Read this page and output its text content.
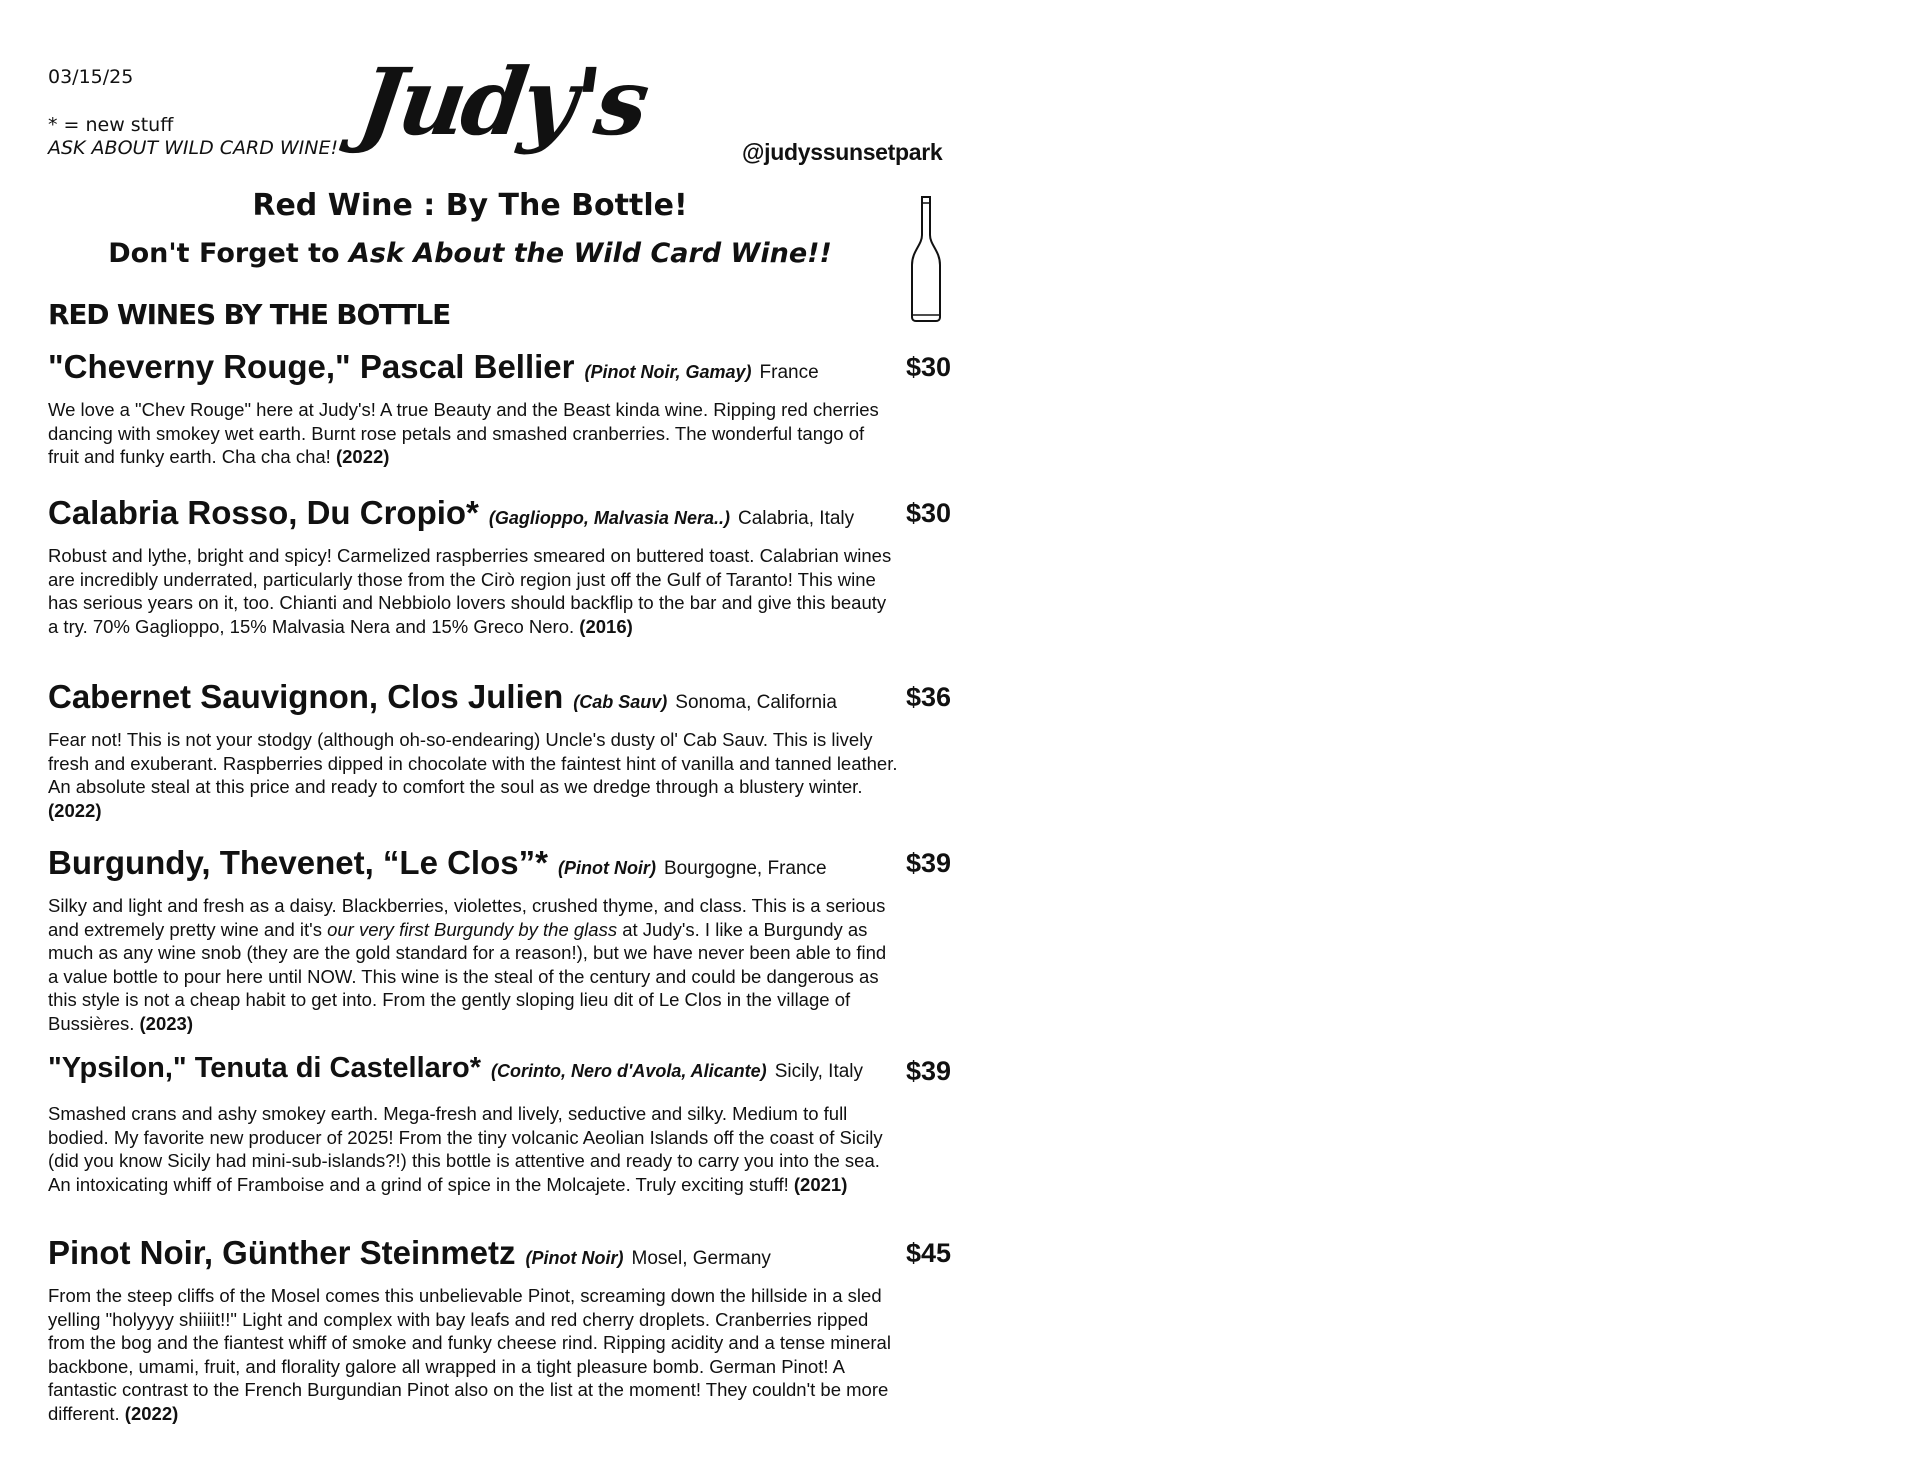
03/15/25
* = new stuff
ASK ABOUT WILD CARD WINE! Judy's	@judyssunsetpark
Red Wine : By The Bottle!
Don't Forget to Ask About the Wild Card Wine!!
RED WINES BY THE BOTTLE
"Cheverny Rouge," Pascal Bellier (Pinot Noir, Gamay) France	$30
We love a "Chev Rouge" here at Judy's! A true Beauty and the Beast kinda wine. Ripping red cherries dancing with smokey wet earth. Burnt rose petals and smashed cranberries. The wonderful tango of fruit and funky earth. Cha cha cha! (2022)
Calabria Rosso, Du Cropio* (Gaglioppo, Malvasia Nera..) Calabria, Italy $30
Robust and lythe, bright and spicy! Carmelized raspberries smeared on buttered toast. Calabrian wines are incredibly underrated, particularly those from the Cirò region just off the Gulf of Taranto! This wine has serious years on it, too. Chianti and Nebbiolo lovers should backflip to the bar and give this beauty a try. 70% Gaglioppo, 15% Malvasia Nera and 15% Greco Nero. (2016)
Cabernet Sauvignon, Clos Julien (Cab Sauv) Sonoma, California	$36
Fear not! This is not your stodgy (although oh-so-endearing) Uncle's dusty ol' Cab Sauv. This is lively fresh and exuberant. Raspberries dipped in chocolate with the faintest hint of vanilla and tanned leather. An absolute steal at this price and ready to comfort the soul as we dredge through a blustery winter. (2022)
Burgundy, Thevenet, “Le Clos”* (Pinot Noir) Bourgogne, France	$39
Silky and light and fresh as a daisy. Blackberries, violettes, crushed thyme, and class. This is a serious and extremely pretty wine and it's our very first Burgundy by the glass at Judy's. I like a Burgundy as much as any wine snob (they are the gold standard for a reason!), but we have never been able to find a value bottle to pour here until NOW. This wine is the steal of the century and could be dangerous as this style is not a cheap habit to get into. From the gently sloping lieu dit of Le Clos in the village of Bussières. (2023)
"Ypsilon," Tenuta di Castellaro* (Corinto, Nero d'Avola, Alicante) Sicily, Italy $39
Smashed crans and ashy smokey earth. Mega-fresh and lively, seductive and silky. Medium to full bodied. My favorite new producer of 2025! From the tiny volcanic Aeolian Islands off the coast of Sicily (did you know Sicily had mini-sub-islands?!) this bottle is attentive and ready to carry you into the sea. An intoxicating whiff of Framboise and a grind of spice in the Molcajete. Truly exciting stuff! (2021)
Pinot Noir, Günther Steinmetz (Pinot Noir) Mosel, Germany	$45
From the steep cliffs of the Mosel comes this unbelievable Pinot, screaming down the hillside in a sled yelling "holyyyy shiiiit!!" Light and complex with bay leafs and red cherry droplets. Cranberries ripped from the bog and the fiantest whiff of smoke and funky cheese rind. Ripping acidity and a tense mineral backbone, umami, fruit, and florality galore all wrapped in a tight pleasure bomb. German Pinot! A fantastic contrast to the French Burgundian Pinot also on the list at the moment! They couldn't be more different. (2022)
